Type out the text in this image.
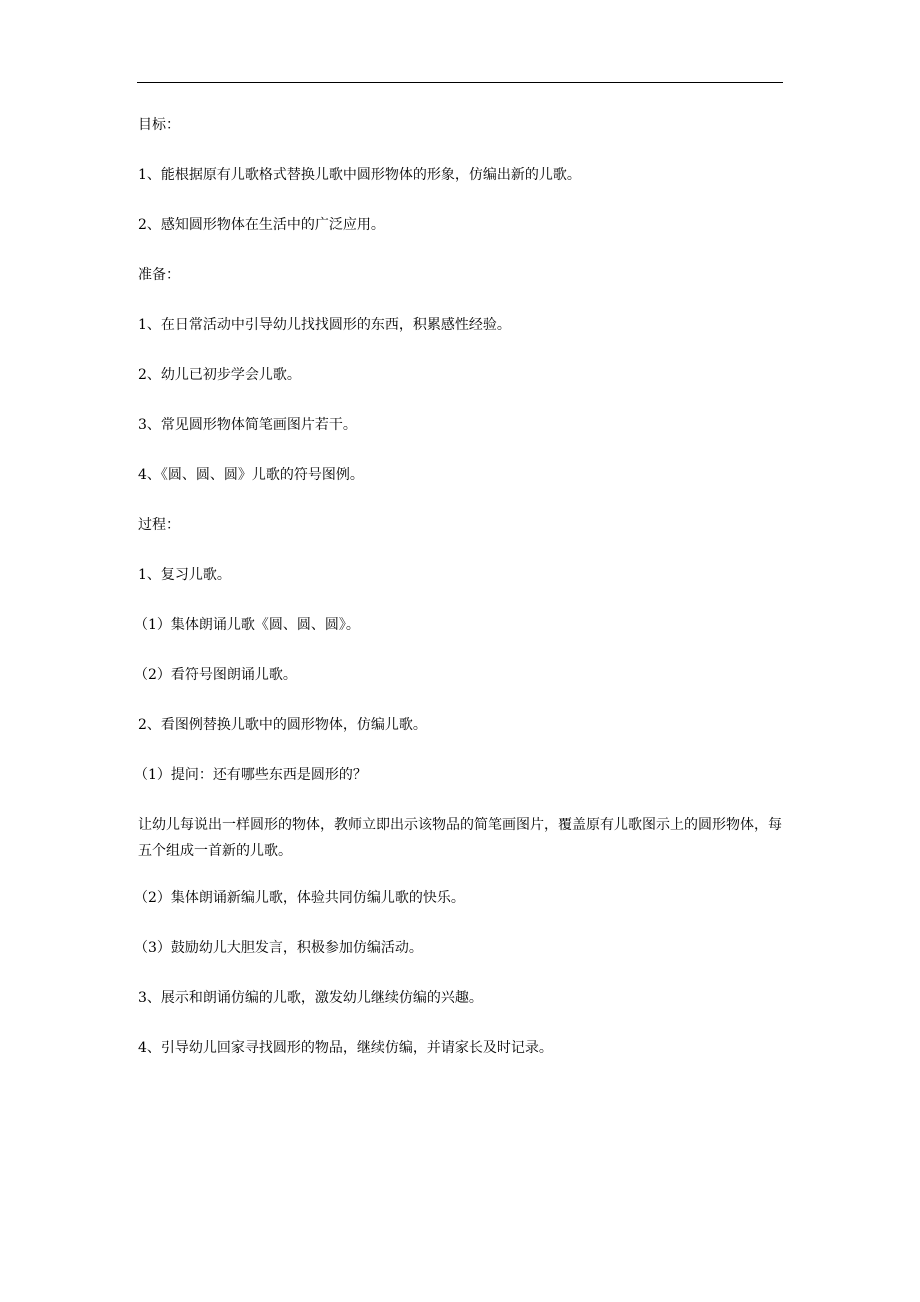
目标：

1、能根据原有儿歌格式替换儿歌中圆形物体的形象，仿编出新的儿歌。

2、感知圆形物体在生活中的广泛应用。

准备：

1、在日常活动中引导幼儿找找圆形的东西，积累感性经验。

2、幼儿已初步学会儿歌。

3、常见圆形物体简笔画图片若干。

4、《圆、圆、圆》儿歌的符号图例。

过程：

1、复习儿歌。

（1）集体朗诵儿歌《圆、圆、圆》。

（2）看符号图朗诵儿歌。

2、看图例替换儿歌中的圆形物体，仿编儿歌。

（1）提问：还有哪些东西是圆形的？

让幼儿每说出一样圆形的物体，教师立即出示该物品的简笔画图片，覆盖原有儿歌图示上的圆形物体，每五个组成一首新的儿歌。

（2）集体朗诵新编儿歌，体验共同仿编儿歌的快乐。

（3）鼓励幼儿大胆发言，积极参加仿编活动。

3、展示和朗诵仿编的儿歌，激发幼儿继续仿编的兴趣。

4、引导幼儿回家寻找圆形的物品，继续仿编，并请家长及时记录。
